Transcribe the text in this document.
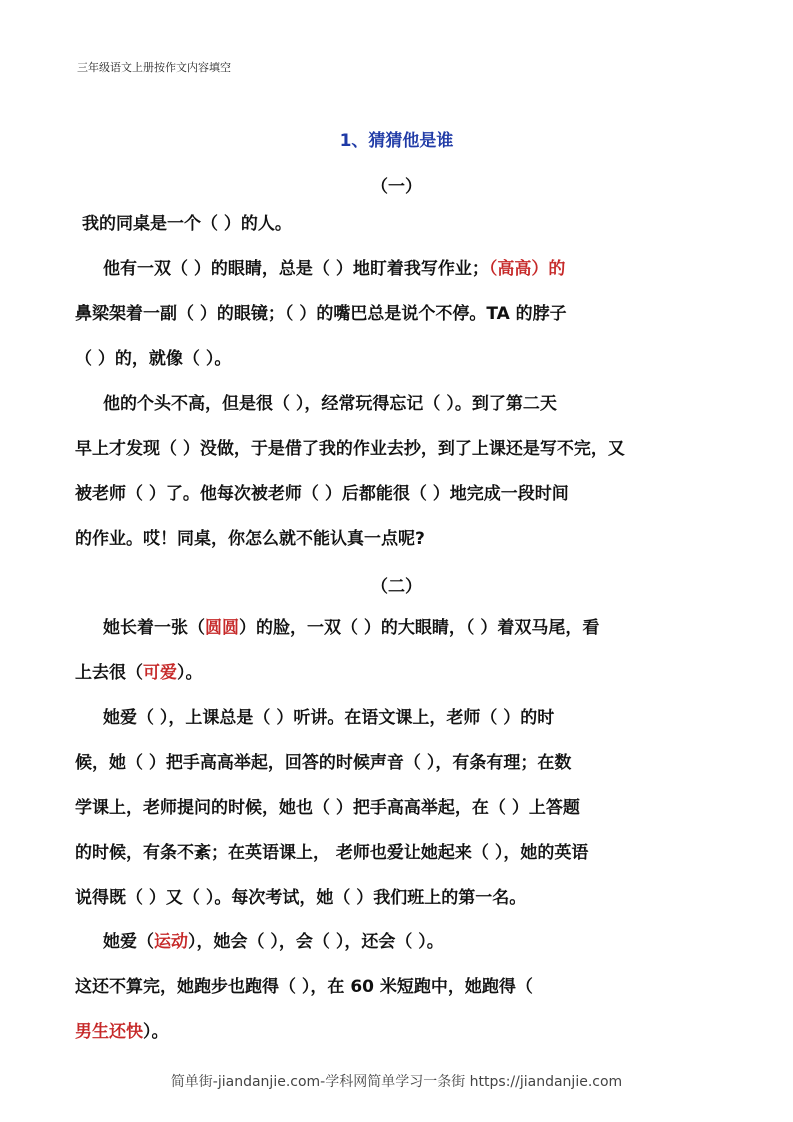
三年级语文上册按作文内容填空
1、猜猜他是谁
（一）
我的同桌是一个（ ）的人。
他有一双（ ）的眼睛，总是（ ）地盯着我写作业；（高高）的
鼻梁架着一副（ ）的眼镜；（ ）的嘴巴总是说个不停。TA 的脖子
（ ）的，就像（ ）。
他的个头不高，但是很（ ），经常玩得忘记（ ）。到了第二天
早上才发现（ ）没做，于是借了我的作业去抄，到了上课还是写不完，又
被老师（ ）了。他每次被老师（ ）后都能很（ ）地完成一段时间
的作业。哎！同桌，你怎么就不能认真一点呢?
（二）
她长着一张（圆圆）的脸，一双（ ）的大眼睛，（ ）着双马尾，看
上去很（可爱）。
她爱（ ），上课总是（ ）听讲。在语文课上，老师（ ）的时
候，她（ ）把手高高举起，回答的时候声音（ ），有条有理；在数
学课上，老师提问的时候，她也（ ）把手高高举起，在（ ）上答题
的时候，有条不紊；在英语课上， 老师也爱让她起来（ ），她的英语
说得既（ ）又（ ）。每次考试，她（ ）我们班上的第一名。
她爱（运动），她会（ ），会（ ），还会（ ）。
这还不算完，她跑步也跑得（ ），在 60 米短跑中，她跑得（
男生还快）。
简单街-jiandanjie.com-学科网简单学习一条街 https://jiandanjie.com
